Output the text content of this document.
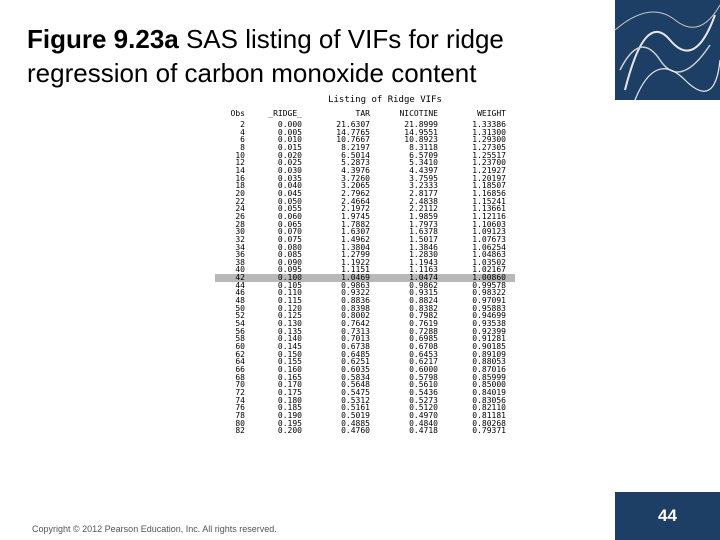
44
Figure 9.23a SAS listing of VIFs for ridge regression of carbon monoxide content
Listing of Ridge VIFs
Obs	_RIDGE_	TAR	NICOTINE	WEIGHT
2	0.000	21.6307	21.8999	1.33386
4	0.005	14.7765	14.9551	1.31300
6	0.010	10.7667	10.8923	1.29300
8	0.015	8.2197	8.3118	1.27305
10	0.020	6.5014	6.5709	1.25517
12	0.025	5.2873	5.3410	1.23700
14	0.030	4.3976	4.4397	1.21927
16	0.035	3.7260	3.7595	1.20197
18	0.040	3.2065	3.2333	1.18507
20	0.045	2.7962	2.8177	1.16856
22	0.050	2.4664	2.4838	1.15241
24	0.055	2.1972	2.2112	1.13661
26	0.060	1.9745	1.9859	1.12116
28	0.065	1.7882	1.7973	1.10603
30	0.070	1.6307	1.6378	1.09123
32	0.075	1.4962	1.5017	1.07673
34	0.080	1.3804	1.3846	1.06254
36	0.085	1.2799	1.2830	1.04863
38	0.090	1.1922	1.1943	1.03502
40	0.095	1.1151	1.1163	1.02167
42	0.100	1.0469	1.0474	1.00860
44	0.105	0.9863	0.9862	0.99578
46	0.110	0.9322	0.9315	0.98322
48	0.115	0.8836	0.8824	0.97091
50	0.120	0.8398	0.8382	0.95883
52	0.125	0.8002	0.7982	0.94699
54	0.130	0.7642	0.7619	0.93538
56	0.135	0.7313	0.7288	0.92399
58	0.140	0.7013	0.6985	0.91281
60	0.145	0.6738	0.6708	0.90185
62	0.150	0.6485	0.6453	0.89109
64	0.155	0.6251	0.6217	0.88053
66	0.160	0.6035	0.6000	0.87016
68	0.165	0.5834	0.5798	0.85999
70	0.170	0.5648	0.5610	0.85000
72	0.175	0.5475	0.5436	0.84019
74	0.180	0.5312	0.5273	0.83056
76	0.185	0.5161	0.5120	0.82110
78	0.190	0.5019	0.4970	0.81181
80	0.195	0.4885	0.4840	0.80268
82	0.200	0.4760	0.4718	0.79371
Copyright © 2012 Pearson Education, Inc. All rights reserved.
